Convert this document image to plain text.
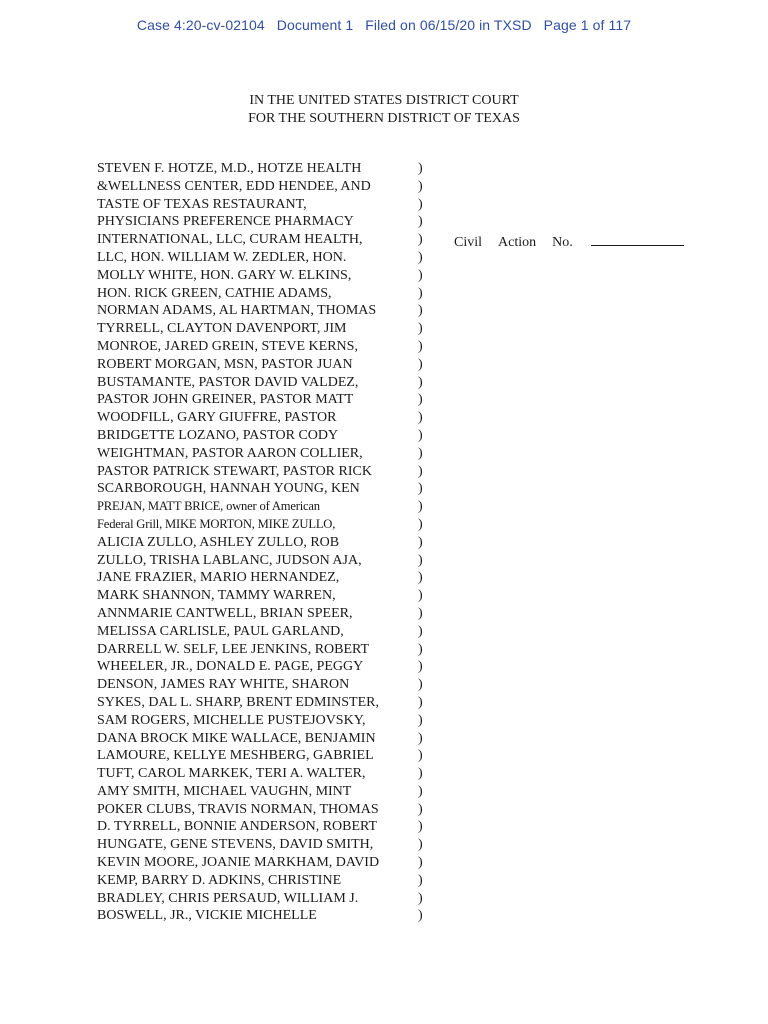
Case 4:20-cv-02104 Document 1 Filed on 06/15/20 in TXSD Page 1 of 117
IN THE UNITED STATES DISTRICT COURT
FOR THE SOUTHERN DISTRICT OF TEXAS
STEVEN F. HOTZE, M.D., HOTZE HEALTH
&WELLNESS CENTER, EDD HENDEE, AND
TASTE OF TEXAS RESTAURANT,
PHYSICIANS PREFERENCE PHARMACY
INTERNATIONAL, LLC, CURAM HEALTH,
LLC, HON. WILLIAM W. ZEDLER, HON.
MOLLY WHITE, HON. GARY W. ELKINS,
HON. RICK GREEN, CATHIE ADAMS,
NORMAN ADAMS, AL HARTMAN, THOMAS
TYRRELL, CLAYTON DAVENPORT, JIM
MONROE, JARED GREIN, STEVE KERNS,
ROBERT MORGAN, MSN, PASTOR JUAN
BUSTAMANTE, PASTOR DAVID VALDEZ,
PASTOR JOHN GREINER, PASTOR MATT
WOODFILL, GARY GIUFFRE, PASTOR
BRIDGETTE LOZANO, PASTOR CODY
WEIGHTMAN, PASTOR AARON COLLIER,
PASTOR PATRICK STEWART, PASTOR RICK
SCARBOROUGH, HANNAH YOUNG, KEN
PREJAN, MATT BRICE, owner of American
Federal Grill, MIKE MORTON, MIKE ZULLO,
ALICIA ZULLO, ASHLEY ZULLO, ROB
ZULLO, TRISHA LABLANC, JUDSON AJA,
JANE FRAZIER, MARIO HERNANDEZ,
MARK SHANNON, TAMMY WARREN,
ANNMARIE CANTWELL, BRIAN SPEER,
MELISSA CARLISLE, PAUL GARLAND,
DARRELL W. SELF, LEE JENKINS, ROBERT
WHEELER, JR., DONALD E. PAGE, PEGGY
DENSON, JAMES RAY WHITE, SHARON
SYKES, DAL L. SHARP, BRENT EDMINSTER,
SAM ROGERS, MICHELLE PUSTEJOVSKY,
DANA BROCK MIKE WALLACE, BENJAMIN
LAMOURE, KELLYE MESHBERG, GABRIEL
TUFT, CAROL MARKEK, TERI A. WALTER,
AMY SMITH, MICHAEL VAUGHN, MINT
POKER CLUBS, TRAVIS NORMAN, THOMAS
D. TYRRELL, BONNIE ANDERSON, ROBERT
HUNGATE, GENE STEVENS, DAVID SMITH,
KEVIN MOORE, JOANIE MARKHAM, DAVID
KEMP, BARRY D. ADKINS, CHRISTINE
BRADLEY, CHRIS PERSAUD, WILLIAM J.
BOSWELL, JR., VICKIE MICHELLE
)
)
)
)
)
)
)
)
)
)
)
)
)
)
)
)
)
)
)
)
)
)
)
)
)
)
)
)
)
)
)
)
)
)
)
)
)
)
)
)
)
)
)
Civil Action No.
